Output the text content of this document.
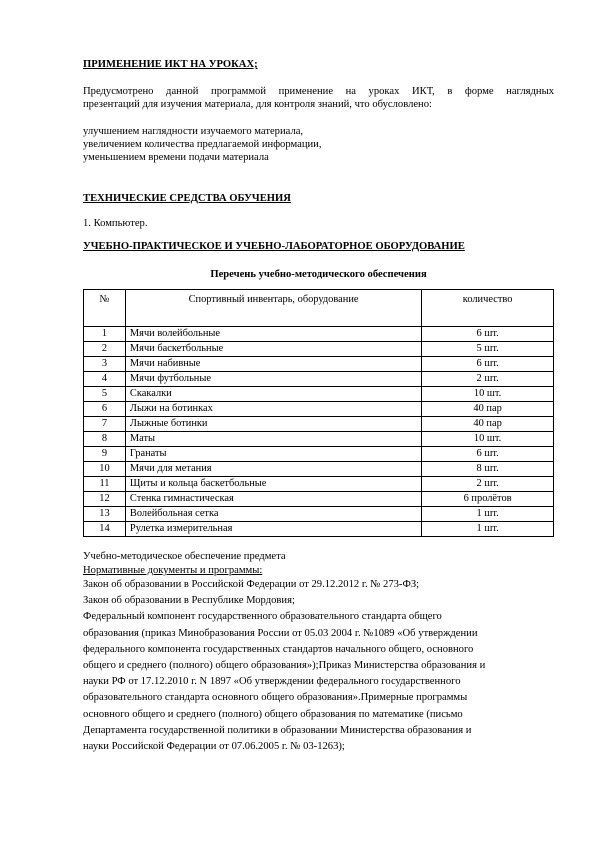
ПРИМЕНЕНИЕ ИКТ НА УРОКАХ;
Предусмотрено данной программой применение на уроках ИКТ, в форме наглядных
презентаций для изучения материала, для контроля знаний, что обусловлено:
улучшением наглядности изучаемого материала,
увеличением количества предлагаемой информации,
уменьшением времени подачи материала
ТЕХНИЧЕСКИЕ СРЕДСТВА ОБУЧЕНИЯ
1. Компьютер.
УЧЕБНО-ПРАКТИЧЕСКОЕ И УЧЕБНО-ЛАБОРАТОРНОЕ ОБОРУДОВАНИЕ
Перечень учебно-методического обеспечения
№	Спортивный инвентарь, оборудование	количество
1	Мячи волейбольные	6 шт.
2	Мячи баскетбольные	5 шт.
3	Мячи набивные	6 шт.
4	Мячи футбольные	2 шт.
5	Скакалки	10 шт.
6	Лыжи на ботинках	40 пар
7	Лыжные ботинки	40 пар
8	Маты	10 шт.
9	Гранаты	6 шт.
10	Мячи для метания	8 шт.
11	Щиты и кольца баскетбольные	2 шт.
12	Стенка гимнастическая	6 пролётов
13	Волейбольная сетка	1 шт.
14	Рулетка измерительная	1 шт.
Учебно-методическое обеспечение предмета
Нормативные документы и программы:
Закон об образовании в Российской Федерации от 29.12.2012 г. № 273-ФЗ;
Закон об образовании в Республике Мордовия;
Федеральный компонент государственного образовательного стандарта общего
образования (приказ Минобразования России от 05.03 2004 г. №1089 «Об утверждении
федерального компонента государственных стандартов начального общего, основного
общего и среднего (полного) общего образования»);Приказ Министерства образования и
науки РФ от 17.12.2010 г. N 1897 «Об утверждении федерального государственного
образовательного стандарта основного общего образования».Примерные программы
основного общего и среднего (полного) общего образования по математике (письмо
Департамента государственной политики в образовании Министерства образования и
науки Российской Федерации от 07.06.2005 г. № 03-1263);
